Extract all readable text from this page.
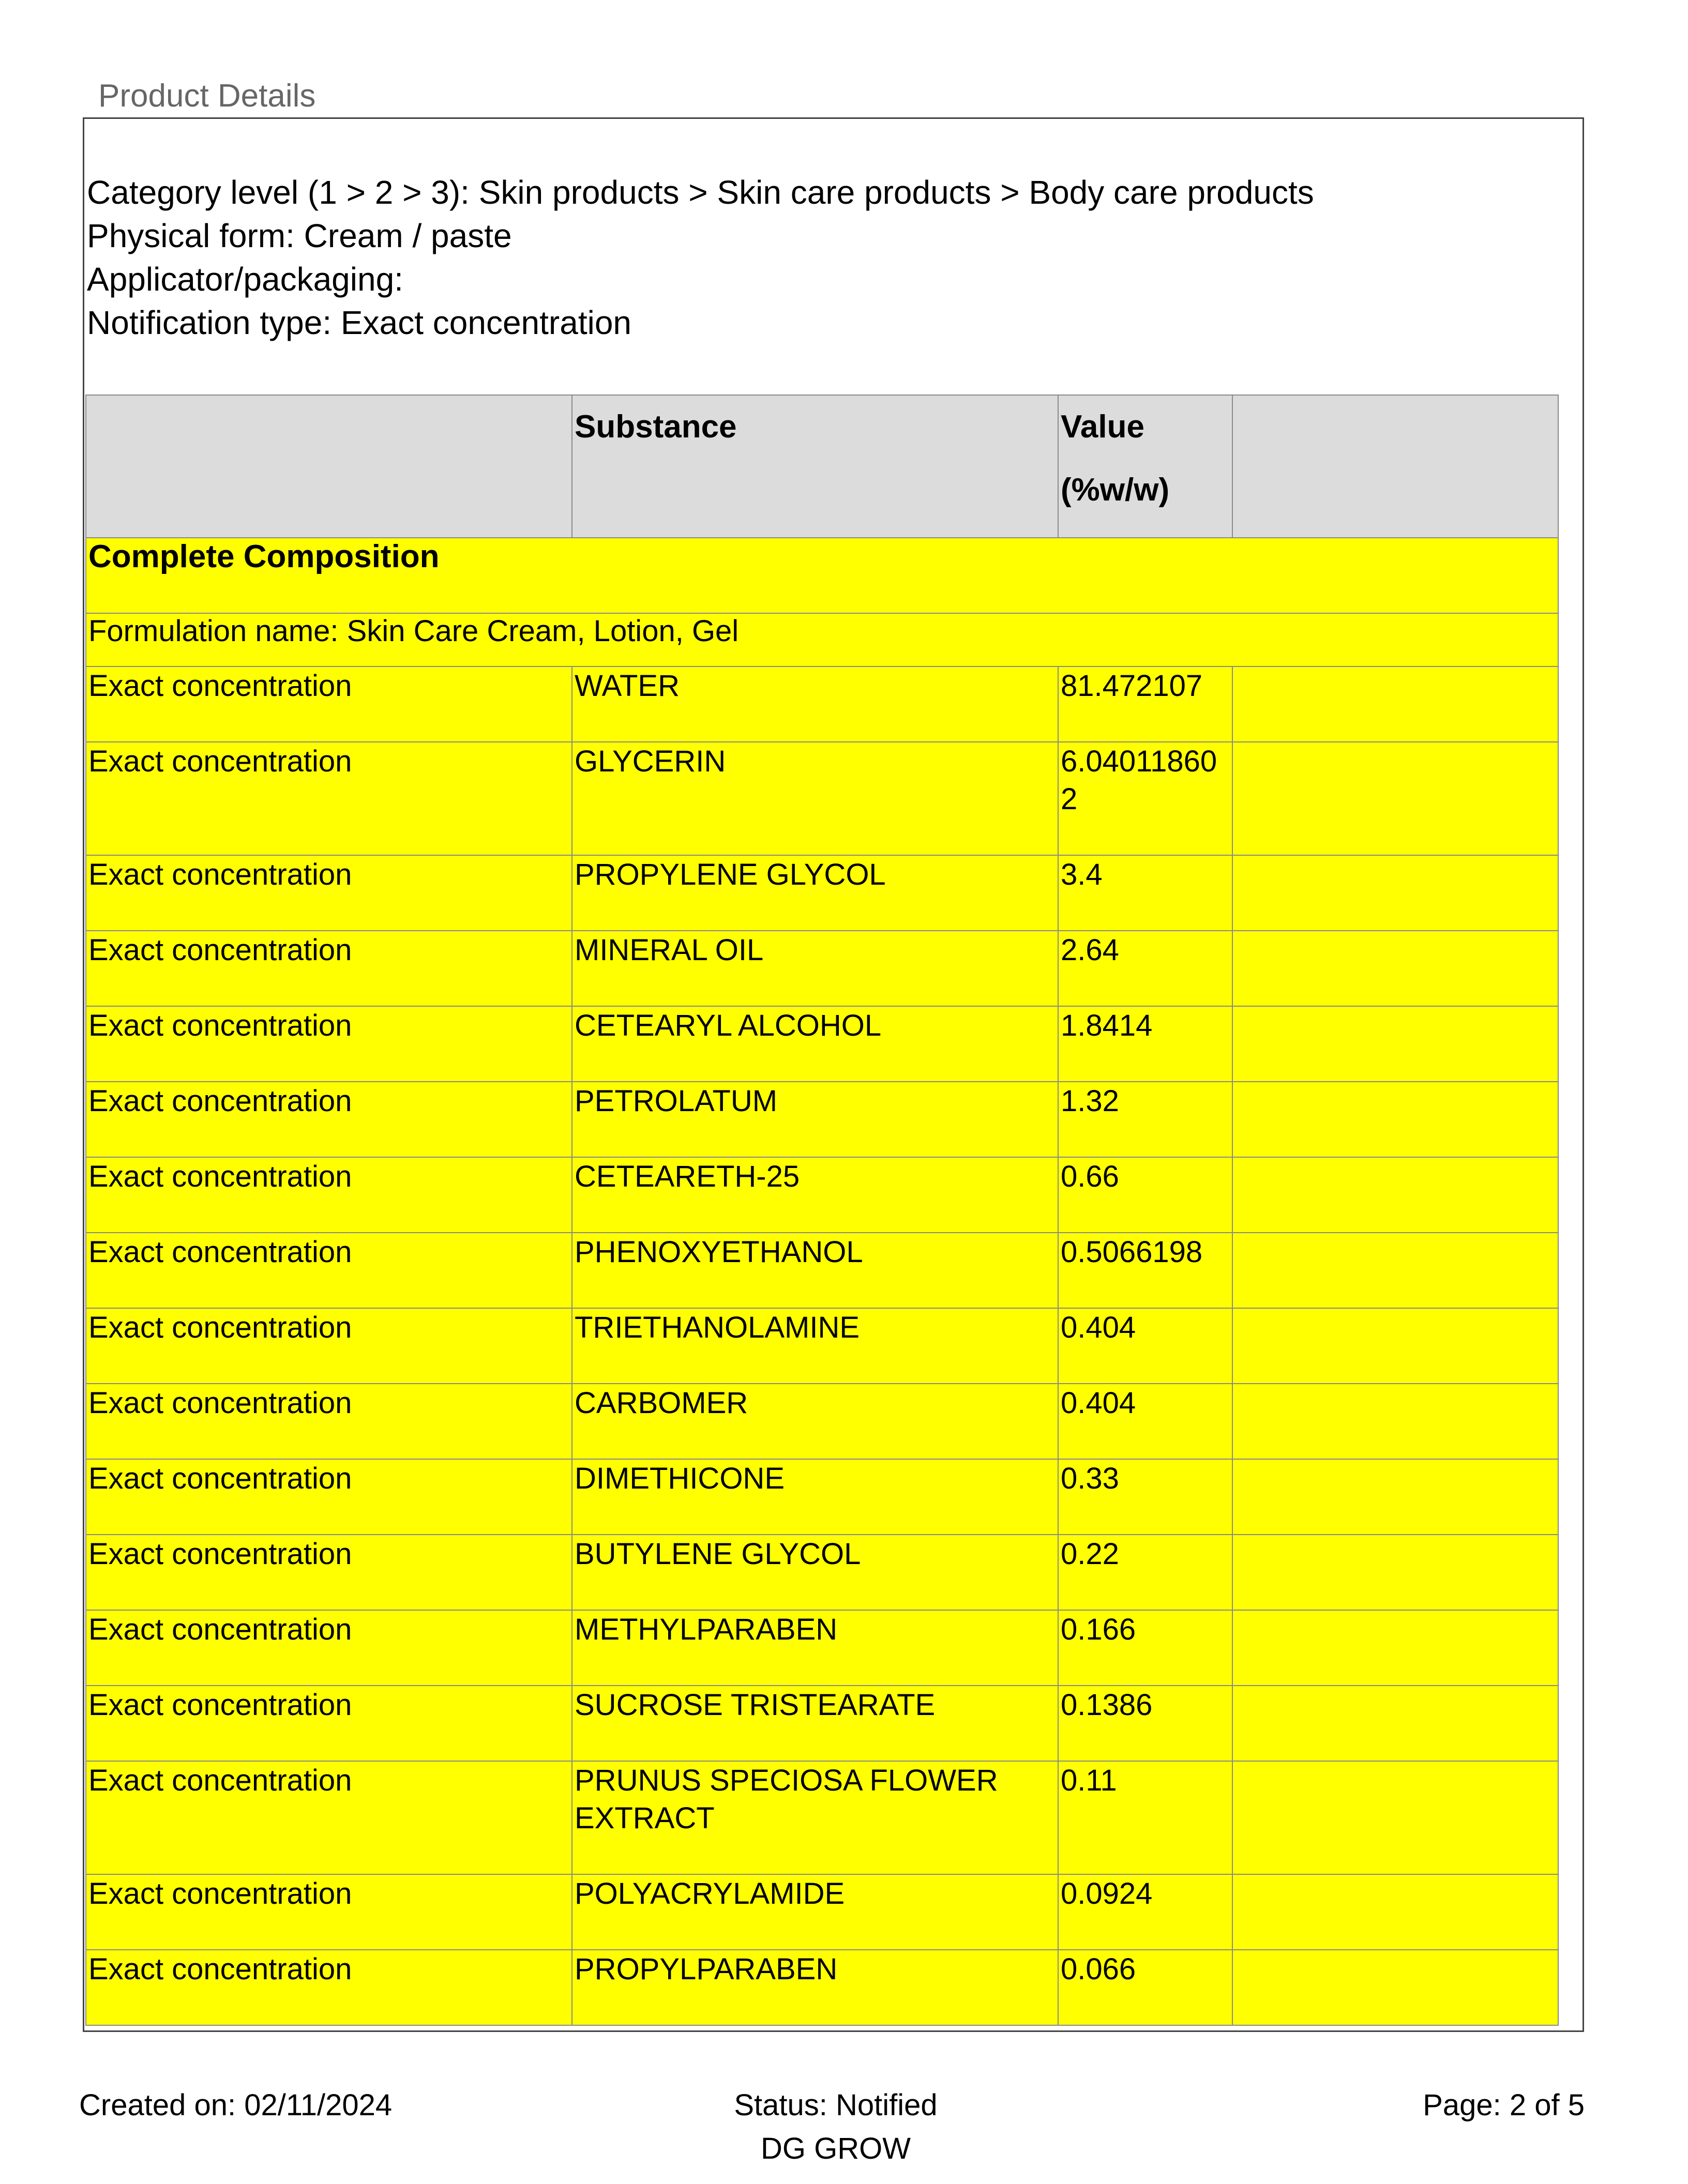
Product Details
Category level (1 > 2 > 3): Skin products > Skin care products > Body care products
Physical form: Cream / paste
Applicator/packaging:
Notification type: Exact concentration
	Substance	Value
(%w/w)	
Complete Composition			
Formulation name: Skin Care Cream, Lotion, Gel			
Exact concentration	WATER	81.472107	
Exact concentration	GLYCERIN	6.040118602	
Exact concentration	PROPYLENE GLYCOL	3.4	
Exact concentration	MINERAL OIL	2.64	
Exact concentration	CETEARYL ALCOHOL	1.8414	
Exact concentration	PETROLATUM	1.32	
Exact concentration	CETEARETH-25	0.66	
Exact concentration	PHENOXYETHANOL	0.5066198	
Exact concentration	TRIETHANOLAMINE	0.404	
Exact concentration	CARBOMER	0.404	
Exact concentration	DIMETHICONE	0.33	
Exact concentration	BUTYLENE GLYCOL	0.22	
Exact concentration	METHYLPARABEN	0.166	
Exact concentration	SUCROSE TRISTEARATE	0.1386	
Exact concentration	PRUNUS SPECIOSA FLOWER EXTRACT	0.11	
Exact concentration	POLYACRYLAMIDE	0.0924	
Exact concentration	PROPYLPARABEN	0.066	
Created on: 02/11/2024	Status: Notified
DG GROW
Page: 2 of 5
